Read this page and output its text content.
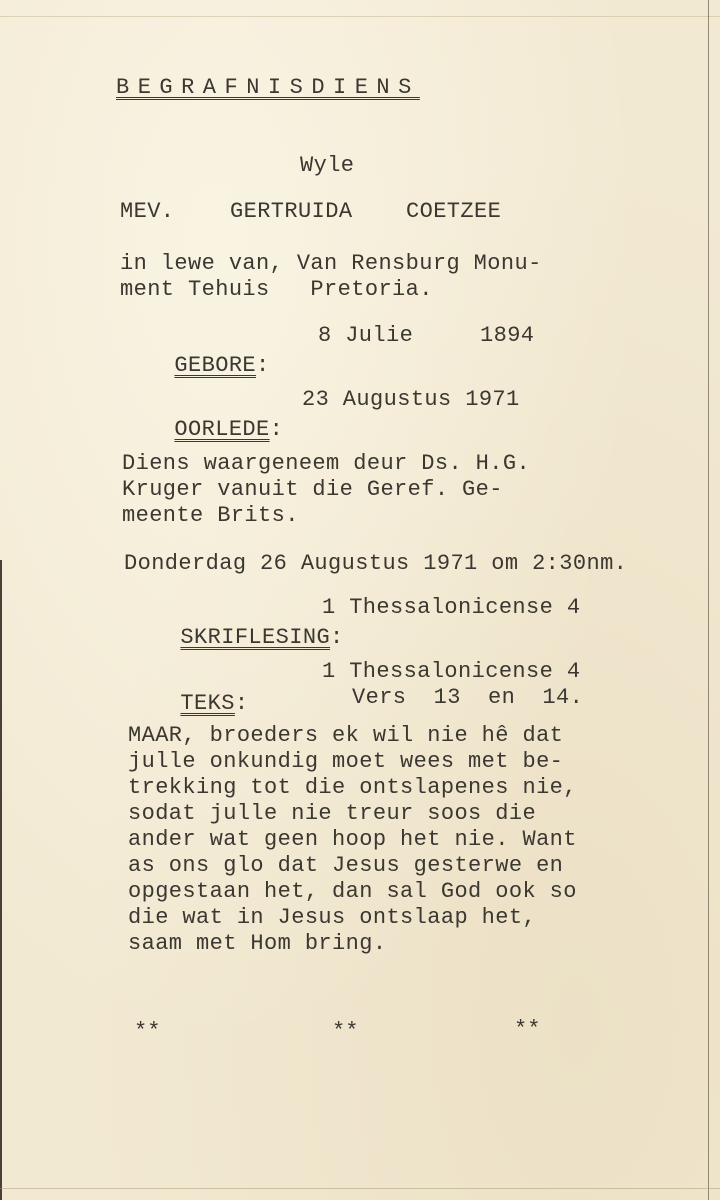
BEGRAFNISDIENS
Wyle
MEV.	GERTRUIDA COETZEE
in lewe van, Van Rensburg Monu-
ment Tehuis   Pretoria.

GEBORE:

8 Julie	1894

OORLEDE:

23 Augustus 1971
Diens waargeneem deur Ds. H.G.
Kruger vanuit die Geref. Ge-
meente Brits.
Donderdag 26 Augustus 1971 om 2:30nm.

SKRIFLESING:

1 Thessalonicense 4

TEKS:

1 Thessalonicense 4
Vers  13  en  14.
MAAR, broeders ek wil nie hê dat
julle onkundig moet wees met be-
trekking tot die ontslapenes nie,
sodat julle nie treur soos die
ander wat geen hoop het nie. Want
as ons glo dat Jesus gesterwe en
opgestaan het, dan sal God ook so
die wat in Jesus ontslaap het,
saam met Hom bring.
**	**	**
